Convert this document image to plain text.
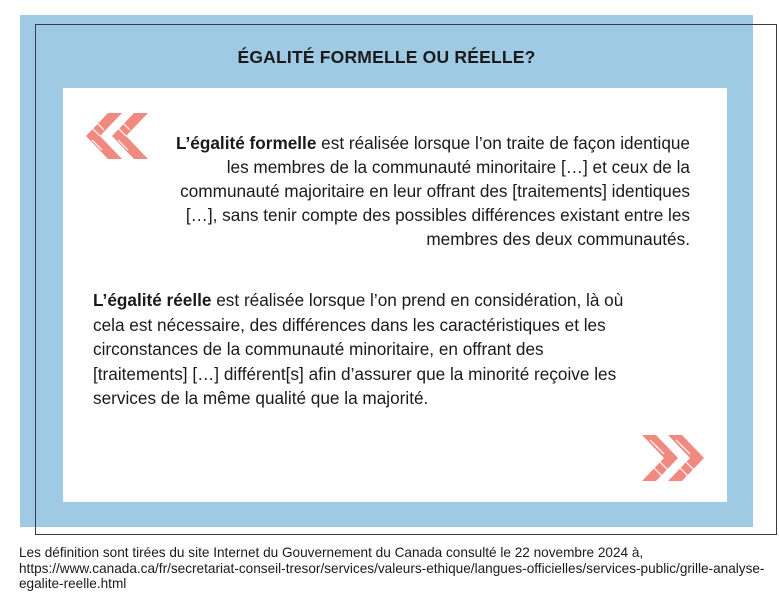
ÉGALITÉ FORMELLE OU RÉELLE?

L’égalité formelle est réalisée lorsque l’on traite de façon identique les membres de la communauté minoritaire […] et ceux de la communauté majoritaire en leur offrant des [traitements] identiques […], sans tenir compte des possibles différences existant entre les membres des deux communautés.

L’égalité réelle est réalisée lorsque l’on prend en considération, là où cela est nécessaire, des différences dans les caractéristiques et les circonstances de la communauté minoritaire, en offrant des [traitements] […] différent[s] afin d’assurer que la minorité reçoive les services de la même qualité que la majorité.

Les définition sont tirées du site Internet du Gouvernement du Canada consulté le 22 novembre 2024 à, https://www.canada.ca/fr/secretariat-conseil-tresor/services/valeurs-ethique/langues-officielles/services-public/grille-analyse-egalite-reelle.html
